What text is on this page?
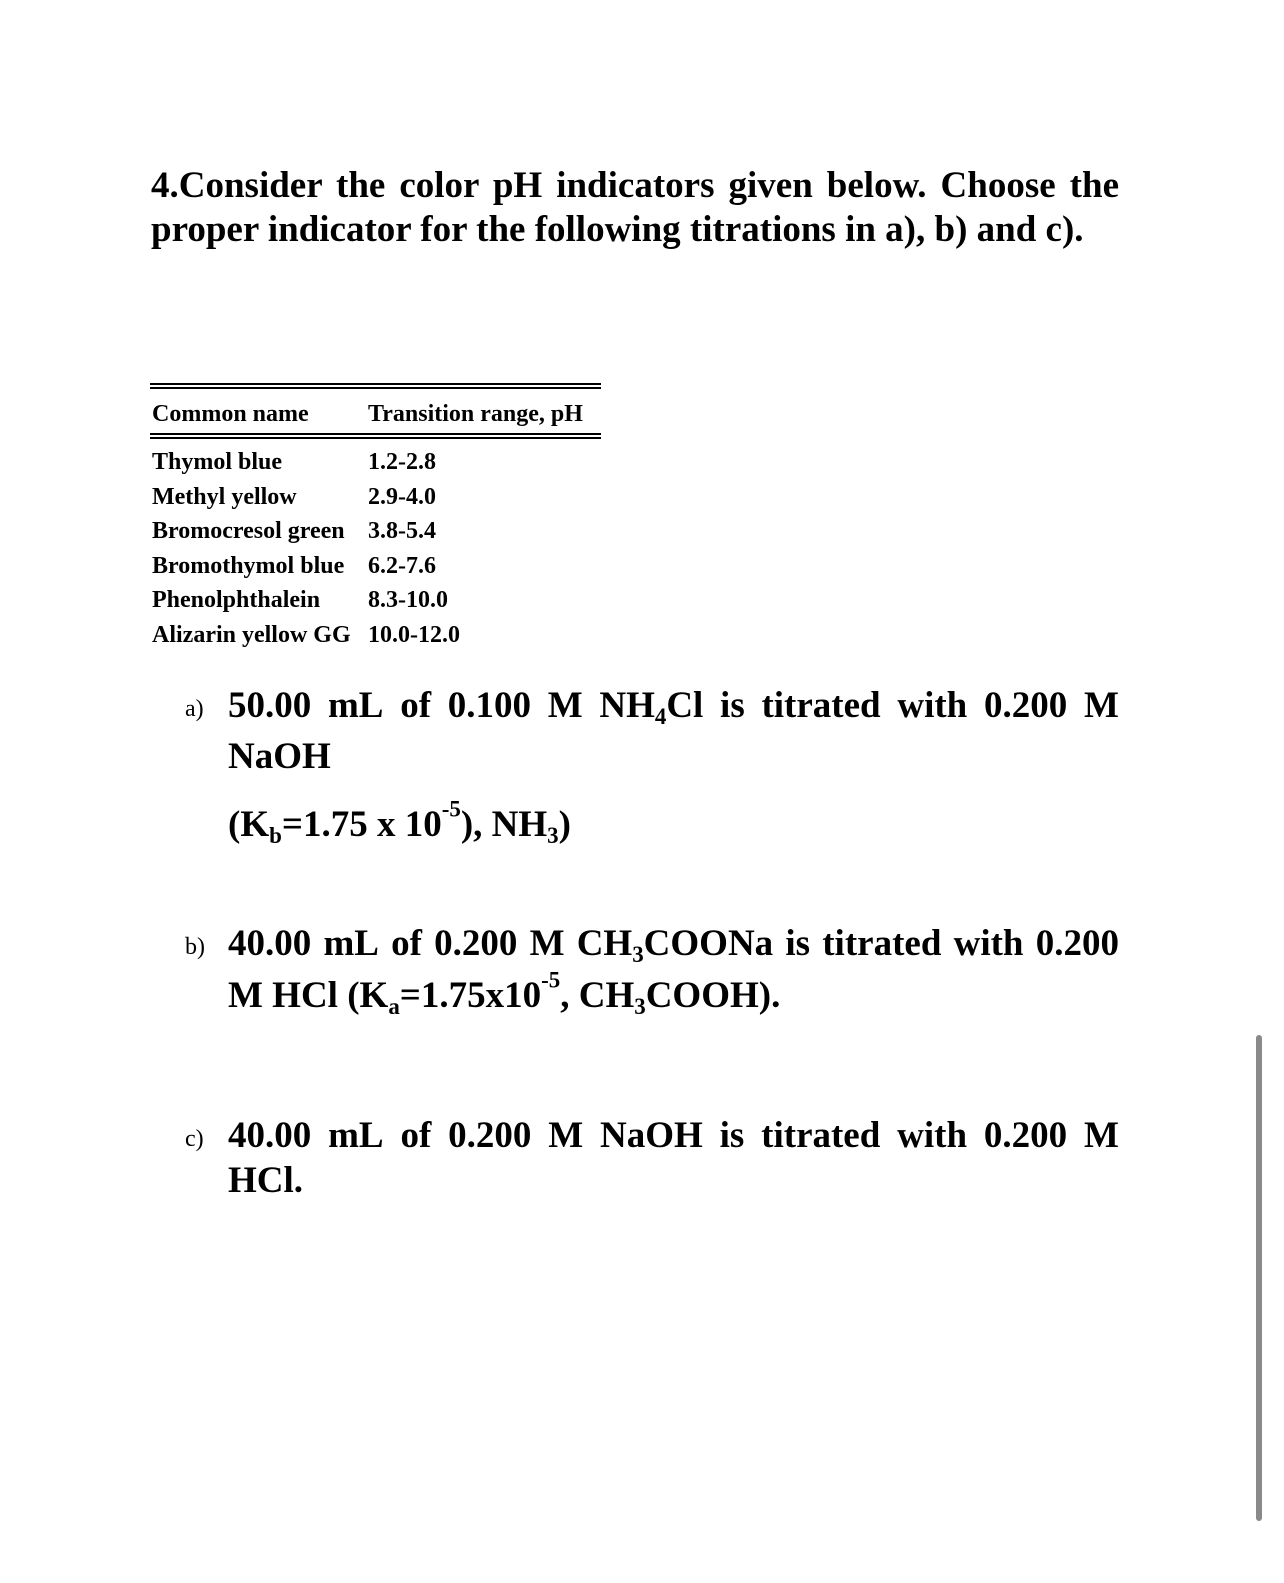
4.Consider the color pH indicators given below. Choose the proper indicator for the following titrations in a), b) and c).
Common name	Transition range, pH
Thymol blue	1.2-2.8
Methyl yellow	2.9-4.0
Bromocresol green 3.8-5.4
Bromothymol blue 6.2-7.6
Phenolphthalein	8.3-10.0
Alizarin yellow GG 10.0-12.0
a) 50.00 mL of 0.100 M $NH_4Cl$ is titrated with 0.200 M
NaOH
($K_b=1.75$ x $10^{-5}$), $NH_3$)
b) 40.00 mL of 0.200 M $CH_3COONa$ is titrated with 0.200
M HCl ($K_a=1.75x10^{-5}$, $CH_3COOH$).
c) 40.00 mL of 0.200 M NaOH is titrated with 0.200 M
HCl.
